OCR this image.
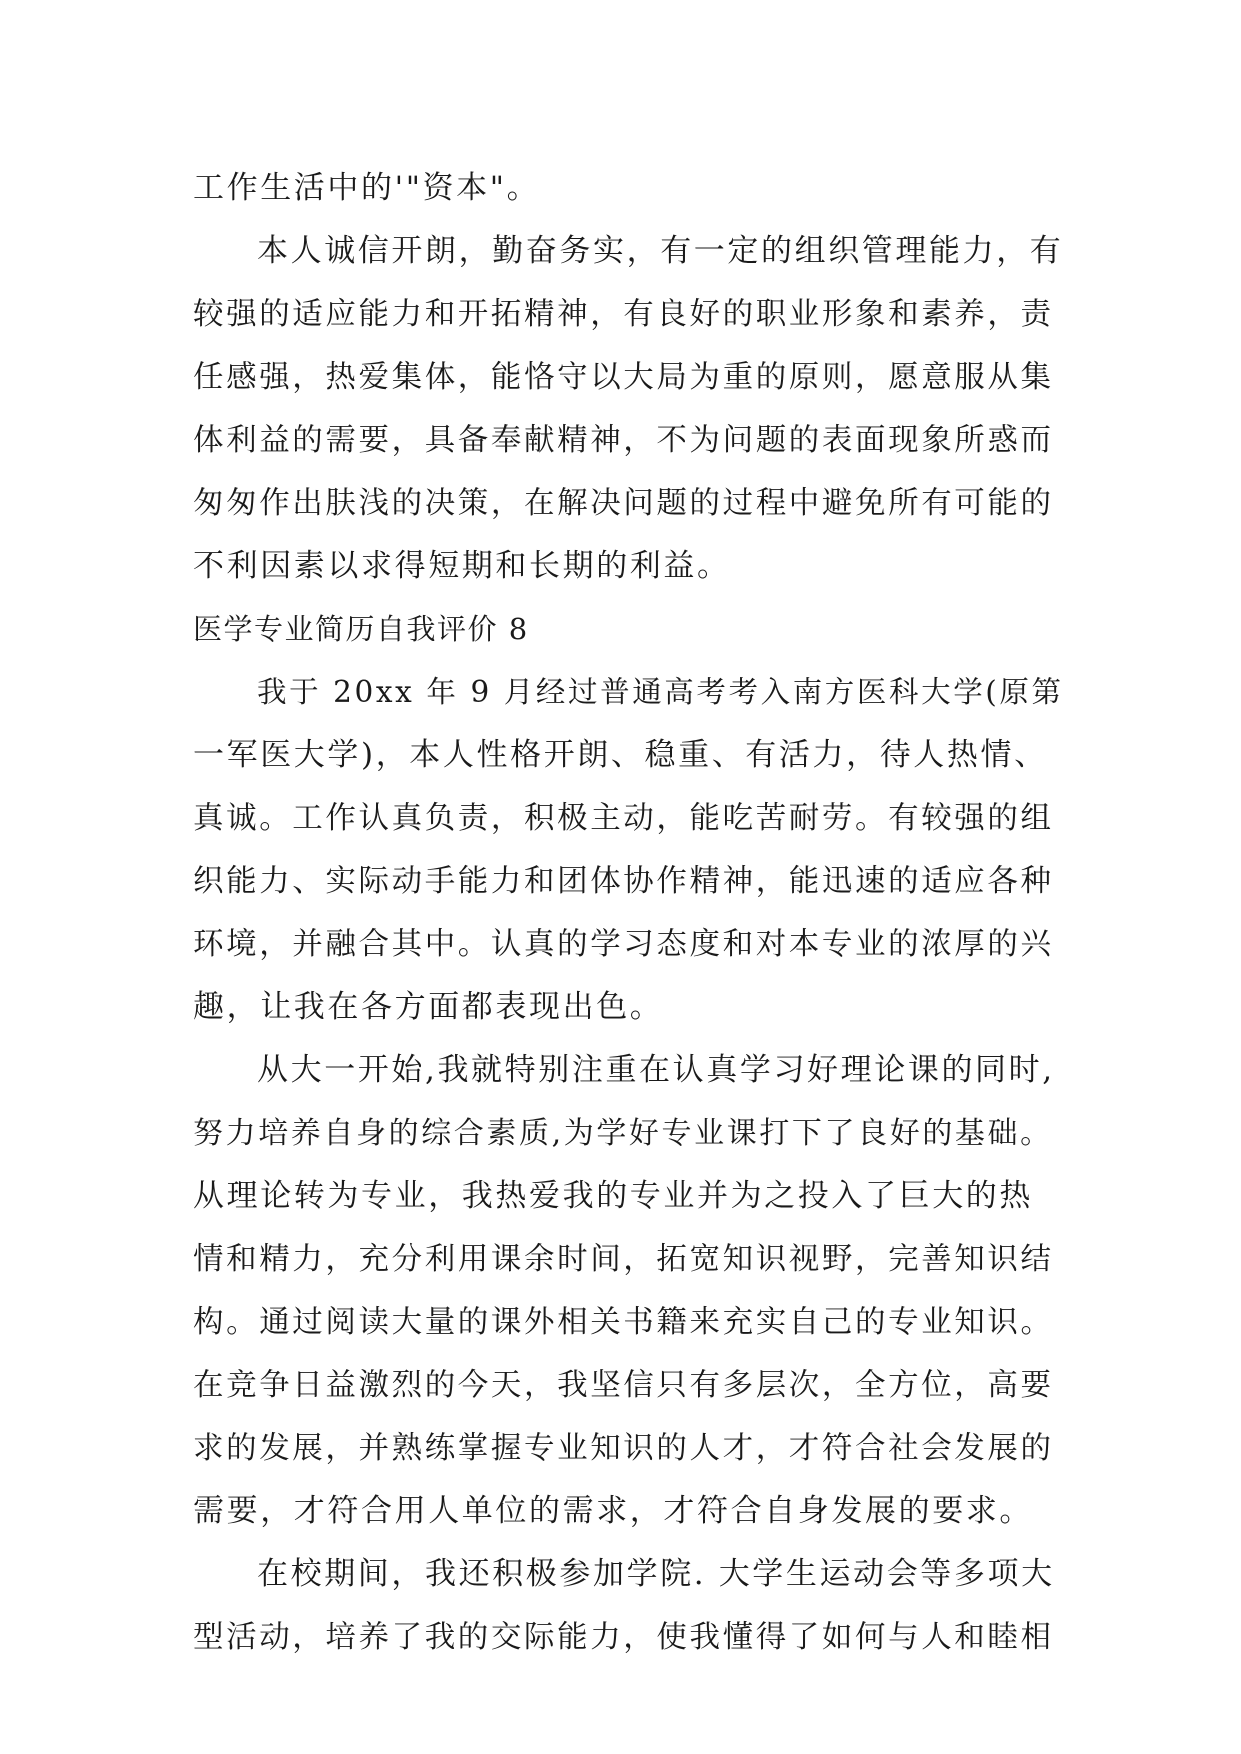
工作生活中的'"资本"。
本人诚信开朗，勤奋务实，有一定的组织管理能力，有
较强的适应能力和开拓精神，有良好的职业形象和素养，责
任感强，热爱集体，能恪守以大局为重的原则，愿意服从集
体利益的需要，具备奉献精神，不为问题的表面现象所惑而
匆匆作出肤浅的决策，在解决问题的过程中避免所有可能的
不利因素以求得短期和长期的利益。
医学专业简历自我评价 8
我于 20xx 年 9 月经过普通高考考入南方医科大学(原第
一军医大学)，本人性格开朗、稳重、有活力，待人热情、
真诚。工作认真负责，积极主动，能吃苦耐劳。有较强的组
织能力、实际动手能力和团体协作精神，能迅速的适应各种
环境，并融合其中。认真的学习态度和对本专业的浓厚的兴
趣，让我在各方面都表现出色。
从大一开始,我就特别注重在认真学习好理论课的同时,
努力培养自身的综合素质,为学好专业课打下了良好的基础。
从理论转为专业，我热爱我的专业并为之投入了巨大的热
情和精力，充分利用课余时间，拓宽知识视野，完善知识结
构。通过阅读大量的课外相关书籍来充实自己的专业知识。
在竞争日益激烈的今天，我坚信只有多层次，全方位，高要
求的发展，并熟练掌握专业知识的人才，才符合社会发展的
需要，才符合用人单位的需求，才符合自身发展的要求。
在校期间，我还积极参加学院. 大学生运动会等多项大
型活动，培养了我的交际能力，使我懂得了如何与人和睦相
